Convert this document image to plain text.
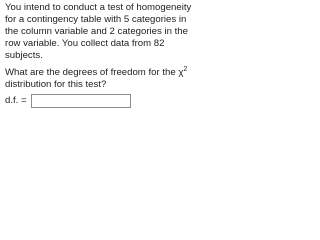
You intend to conduct a test of homogeneity
for a contingency table with 5 categories in
the column variable and 2 categories in the
row variable. You collect data from 82
subjects.
What are the degrees of freedom for the $\chi^2$
distribution for this test?
d.f. =
